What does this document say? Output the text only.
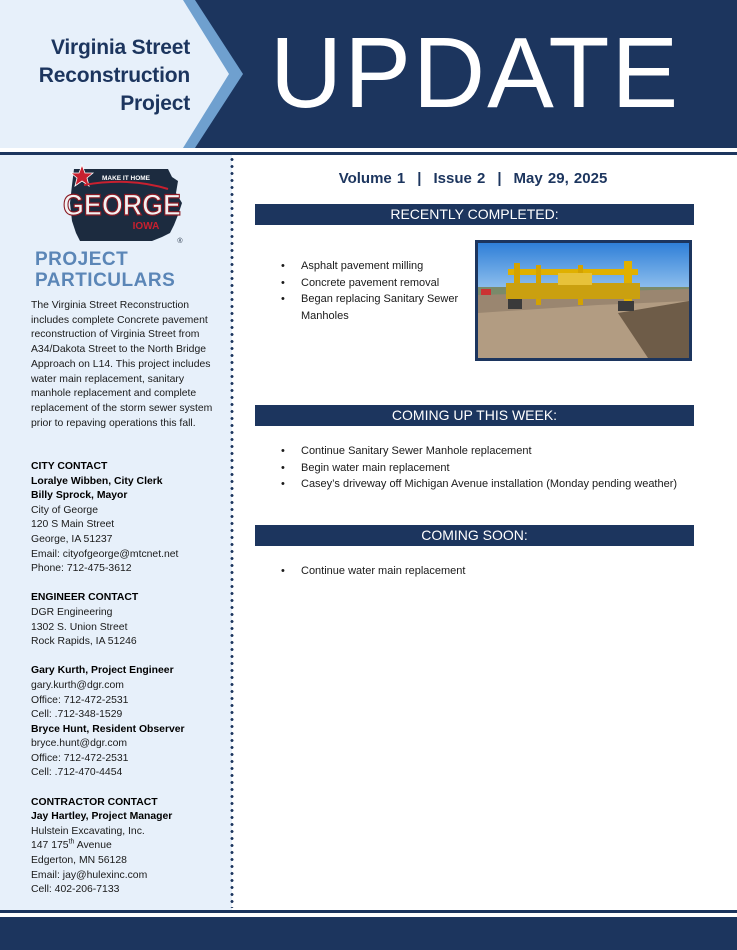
Virginia Street
Reconstruction
Project UPDATE
MAKE IT HOME
GEORGE
IOWA
®
PROJECT
PARTICULARS
The Virginia Street Reconstruction includes complete Concrete pavement reconstruction of Virginia Street from A34/Dakota Street to the North Bridge Approach on L14. This project includes water main replacement, sanitary manhole replacement and complete replacement of the storm sewer system prior to repaving operations this fall.
CITY CONTACT
Loralye Wibben, City Clerk
Billy Sprock, Mayor
City of George
120 S Main Street
George, IA 51237
Email: cityofgeorge@mtcnet.net
Phone: 712-475-3612
ENGINEER CONTACT
DGR Engineering
1302 S. Union Street
Rock Rapids, IA 51246
Gary Kurth, Project Engineer
gary.kurth@dgr.com
Office: 712-472-2531
Cell: .712-348-1529
Bryce Hunt, Resident Observer
bryce.hunt@dgr.com
Office: 712-472-2531
Cell: .712-470-4454
CONTRACTOR CONTACT
Jay Hartley, Project Manager
Hulstein Excavating, Inc.
147 175th Avenue
Edgerton, MN 56128
Email: jay@hulexinc.com
Cell: 402-206-7133
Volume 1 | Issue 2 | May 29, 2025
RECENTLY COMPLETED:
• Asphalt pavement milling
• Concrete pavement removal
• Began replacing Sanitary Sewer Manholes
COMING UP THIS WEEK:
• Continue Sanitary Sewer Manhole replacement
• Begin water main replacement
• Casey’s driveway off Michigan Avenue installation (Monday pending weather)
COMING SOON:
• Continue water main replacement
